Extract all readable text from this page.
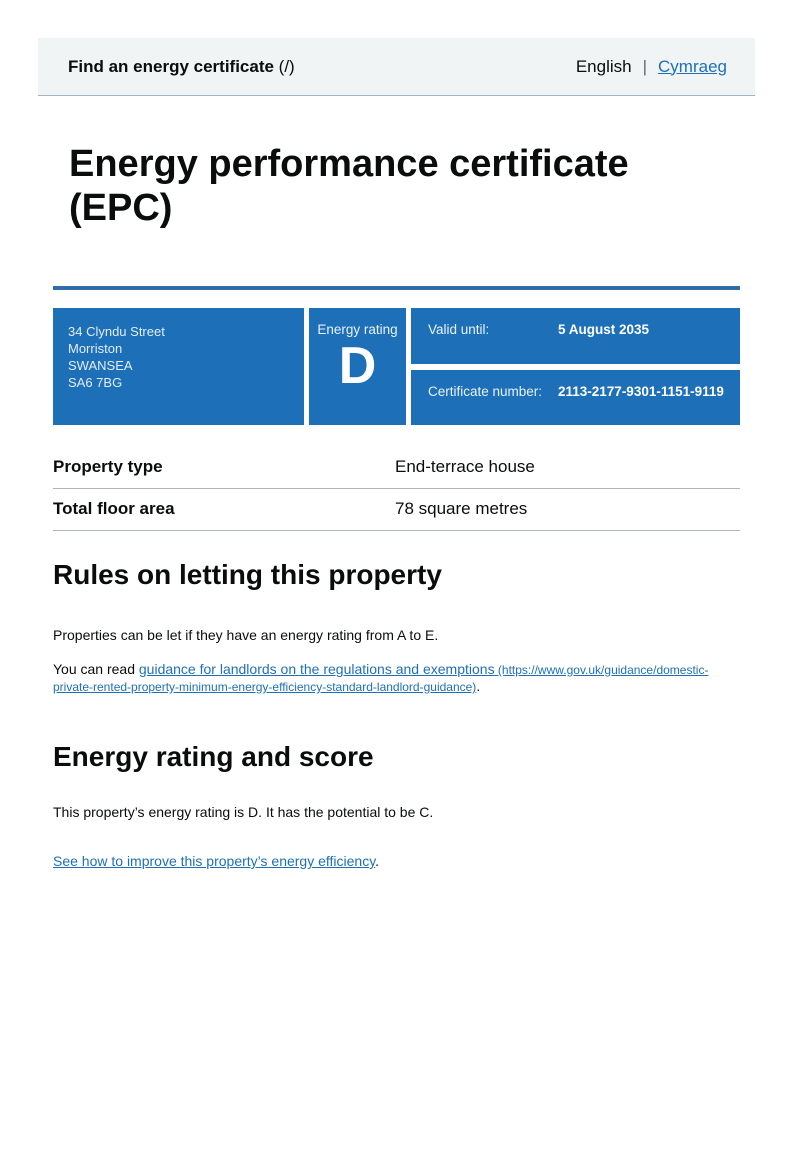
Find an energy certificate (/)	English | Cymraeg
Energy performance certificate (EPC)
34 Clyndu Street
Morriston
SWANSEA
SA6 7BG
Energy rating
D
Valid until:	5 August 2035
Certificate number:	2113-2177-9301-1151-9119
Property type	End-terrace house
Total floor area	78 square metres
Rules on letting this property

Properties can be let if they have an energy rating from A to E.

You can read guidance for landlords on the regulations and exemptions (https://www.gov.uk/guidance/domestic-private-rented-property-minimum-energy-efficiency-standard-landlord-guidance).

Energy rating and score

This property’s energy rating is D. It has the potential to be C.

See how to improve this property’s energy efficiency.
